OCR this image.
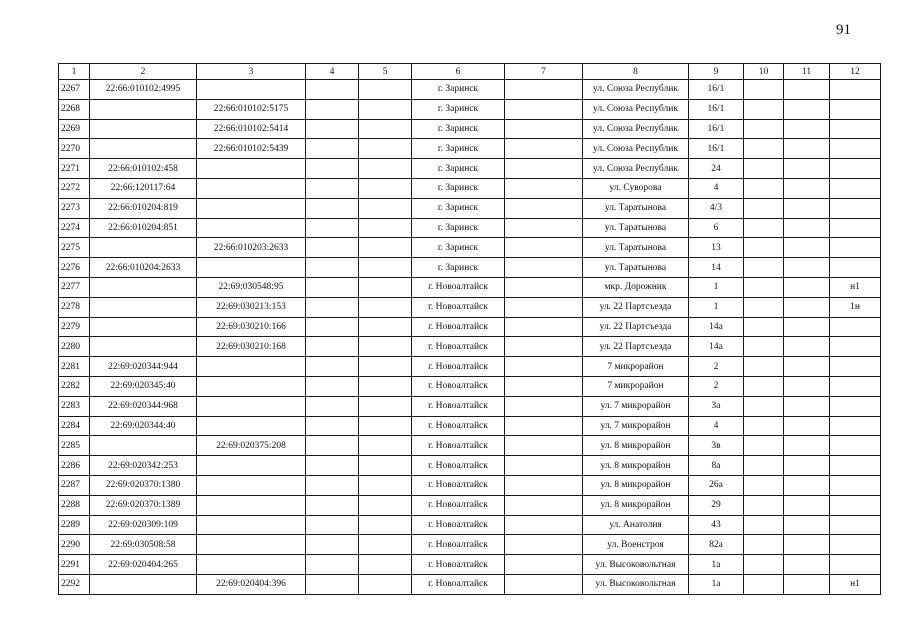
91
1	2	3	4	5	6	7	8	9	10	11	12
2267	22:66:010102:4995				г. Заринск		ул. Союза Республик	16/1			
2268		22:66:010102:5175			г. Заринск		ул. Союза Республик	16/1			
2269		22:66:010102:5414			г. Заринск		ул. Союза Республик	16/1			
2270		22:66:010102:5439			г. Заринск		ул. Союза Республик	16/1			
2271	22:66:010102:458				г. Заринск		ул. Союза Республик	24			
2272	22:66:120117:64				г. Заринск		ул. Суворова	4			
2273	22:66:010204:819				г. Заринск		ул. Таратынова	4/3			
2274	22:66:010204:851				г. Заринск		ул. Таратынова	6			
2275		22:66:010203:2633			г. Заринск		ул. Таратынова	13			
2276	22:66:010204:2633				г. Заринск		ул. Таратынова	14			
2277		22:69:030548:95			г. Новоалтайск		мкр. Дорожник	1			н1
2278		22:69:030213:153			г. Новоалтайск		ул. 22 Партсъезда	1			1н
2279		22:69:030210:166			г. Новоалтайск		ул. 22 Партсъезда	14а			
2280		22:69:030210:168			г. Новоалтайск		ул. 22 Партсъезда	14а			
2281	22:69:020344:944				г. Новоалтайск		7 микрорайон	2			
2282	22:69:020345:40				г. Новоалтайск		7 микрорайон	2			
2283	22:69:020344:968				г. Новоалтайск		ул. 7 микрорайон	3а			
2284	22:69:020344:40				г. Новоалтайск		ул. 7 микрорайон	4			
2285		22:69:020375:208			г. Новоалтайск		ул. 8 микрорайон	3в			
2286	22:69:020342:253				г. Новоалтайск		ул. 8 микрорайон	8а			
2287	22:69:020370:1380				г. Новоалтайск		ул. 8 микрорайон	26а			
2288	22:69:020370:1389				г. Новоалтайск		ул. 8 микрорайон	29			
2289	22:69:020309:109				г. Новоалтайск		ул. Анатолия	43			
2290	22:69:030508:58				г. Новоалтайск		ул. Военстроя	82а			
2291	22:69:020404:265				г. Новоалтайск		ул. Высоковольтная	1а			
2292		22:69:020404:396			г. Новоалтайск		ул. Высоковольтная	1а			н1
